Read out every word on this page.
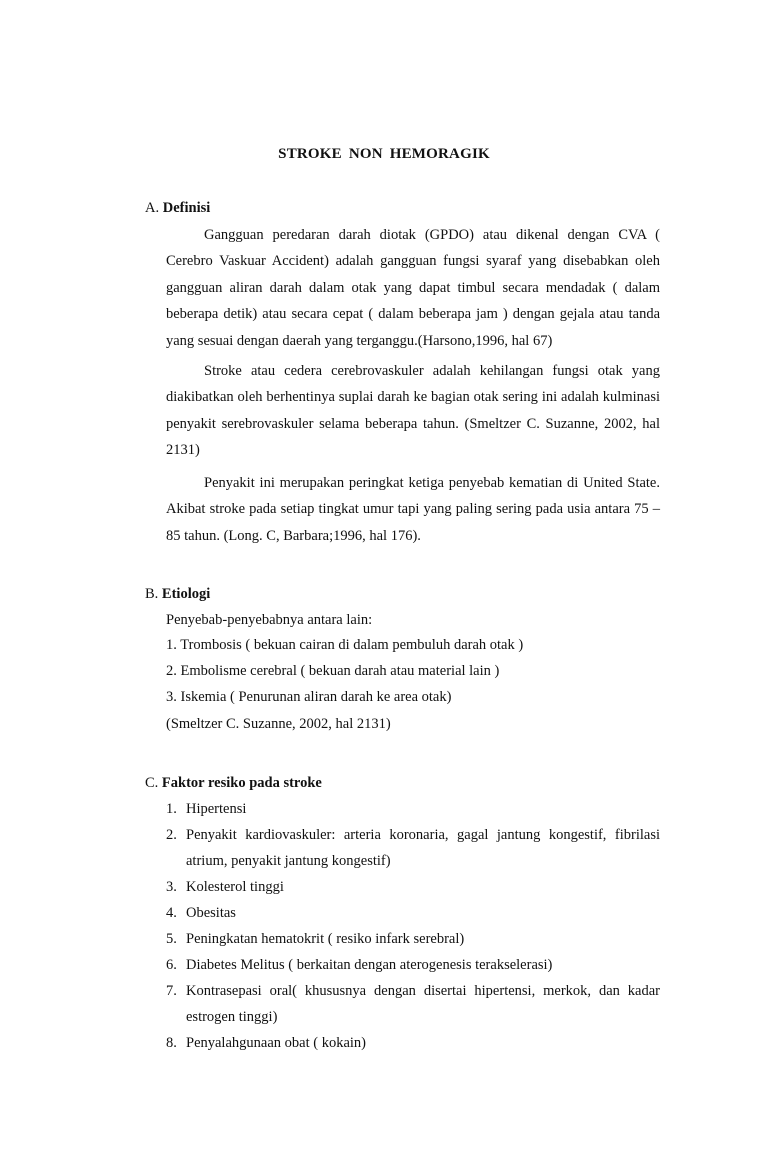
STROKE NON HEMORAGIK
A. Definisi
Gangguan peredaran darah diotak (GPDO) atau dikenal dengan CVA ( Cerebro Vaskuar Accident) adalah gangguan fungsi syaraf yang disebabkan oleh gangguan aliran darah dalam otak yang dapat timbul secara mendadak ( dalam beberapa detik) atau secara cepat ( dalam beberapa jam ) dengan gejala atau tanda yang sesuai dengan daerah yang terganggu.(Harsono,1996, hal 67)
Stroke atau cedera cerebrovaskuler adalah kehilangan fungsi otak yang diakibatkan oleh berhentinya suplai darah ke bagian otak sering ini adalah kulminasi penyakit serebrovaskuler selama beberapa tahun. (Smeltzer C. Suzanne, 2002, hal 2131)
Penyakit ini merupakan peringkat ketiga penyebab kematian di United State. Akibat stroke pada setiap tingkat umur tapi yang paling sering pada usia antara 75 – 85 tahun. (Long. C, Barbara;1996, hal 176).
B. Etiologi
Penyebab-penyebabnya antara lain:
1. Trombosis ( bekuan cairan di dalam pembuluh darah otak )
2. Embolisme cerebral ( bekuan darah atau material lain )
3. Iskemia ( Penurunan aliran darah ke area otak)
(Smeltzer C. Suzanne, 2002, hal 2131)
C. Faktor resiko pada stroke
1. Hipertensi
2. Penyakit kardiovaskuler: arteria koronaria, gagal jantung kongestif, fibrilasi atrium, penyakit jantung kongestif)
3. Kolesterol tinggi
4. Obesitas
5. Peningkatan hematokrit ( resiko infark serebral)
6. Diabetes Melitus ( berkaitan dengan aterogenesis terakselerasi)
7. Kontrasepasi oral( khususnya dengan disertai hipertensi, merkok, dan kadar estrogen tinggi)
8. Penyalahgunaan obat ( kokain)
